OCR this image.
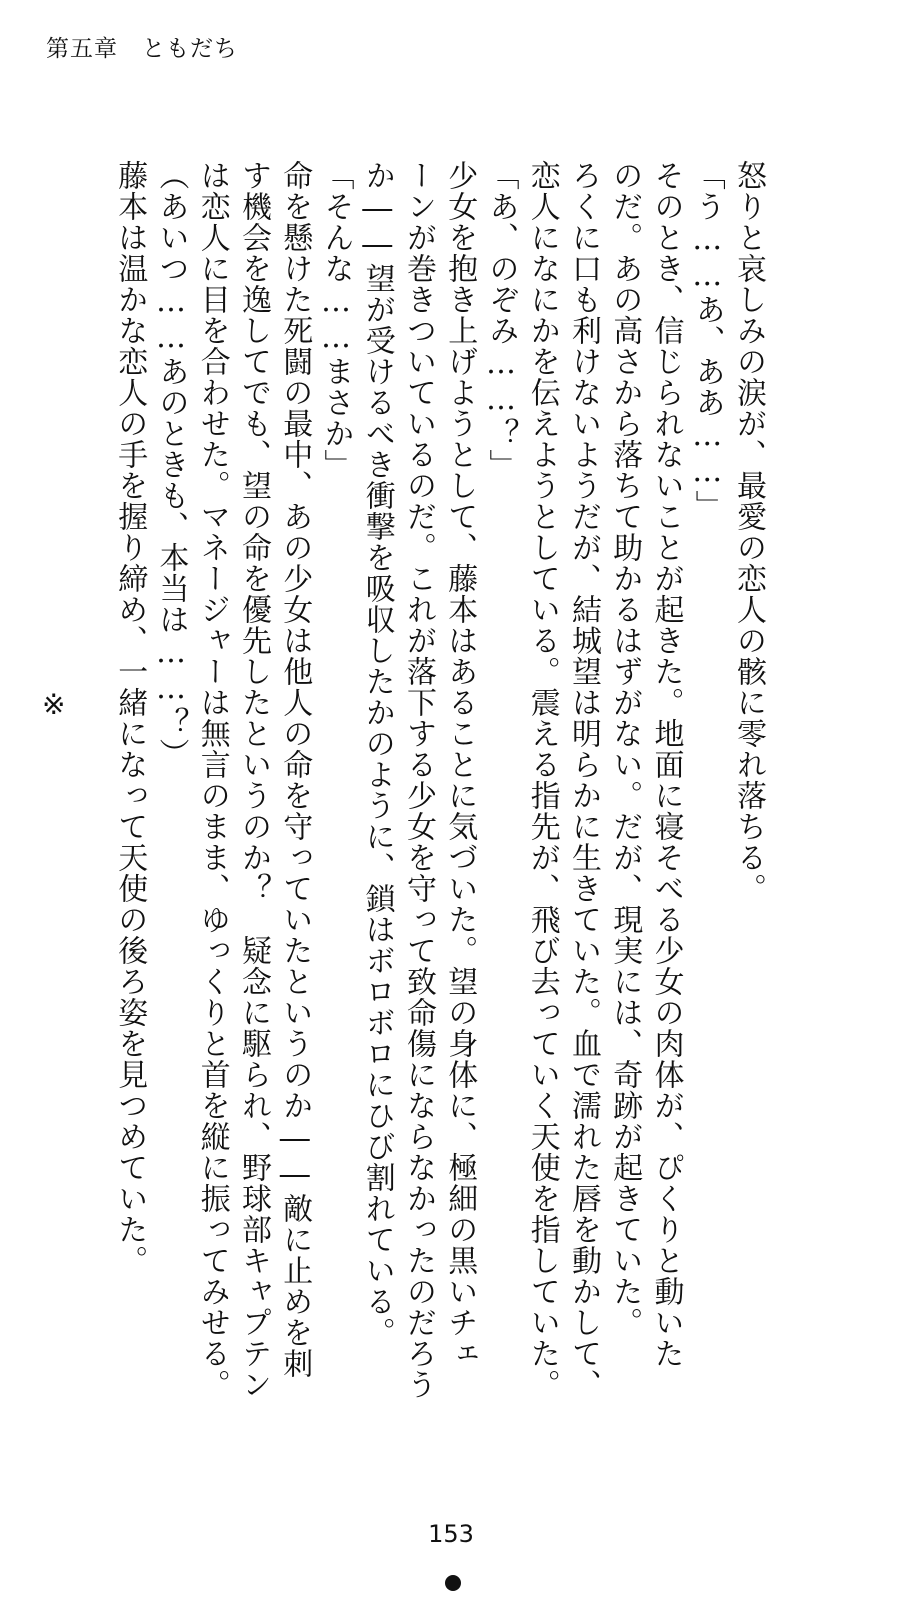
第五章　ともだち
怒りと哀しみの涙が、最愛の恋人の骸に零れ落ちる。
「う……あ、ああ……」
そのとき、信じられないことが起きた。地面に寝そべる少女の肉体が、ぴくりと動いた
のだ。あの高さから落ちて助かるはずがない。だが、現実には、奇跡が起きていた。
ろくに口も利けないようだが、結城望は明らかに生きていた。血で濡れた唇を動かして、
恋人になにかを伝えようとしている。震える指先が、飛び去っていく天使を指していた。
「あ、のぞみ……？」
少女を抱き上げようとして、藤本はあることに気づいた。望の身体に、極細の黒いチェ
ーンが巻きついているのだ。これが落下する少女を守って致命傷にならなかったのだろう
か――望が受けるべき衝撃を吸収したかのように、鎖はボロボロにひび割れている。
「そんな……まさか」
命を懸けた死闘の最中、あの少女は他人の命を守っていたというのか――敵に止めを刺
す機会を逸してでも、望の命を優先したというのか？　疑念に駆られ、野球部キャプテン
は恋人に目を合わせた。マネージャーは無言のまま、ゆっくりと首を縦に振ってみせる。
（あいつ……あのときも、本当は……？）
藤本は温かな恋人の手を握り締め、一緒になって天使の後ろ姿を見つめていた。
※
153
